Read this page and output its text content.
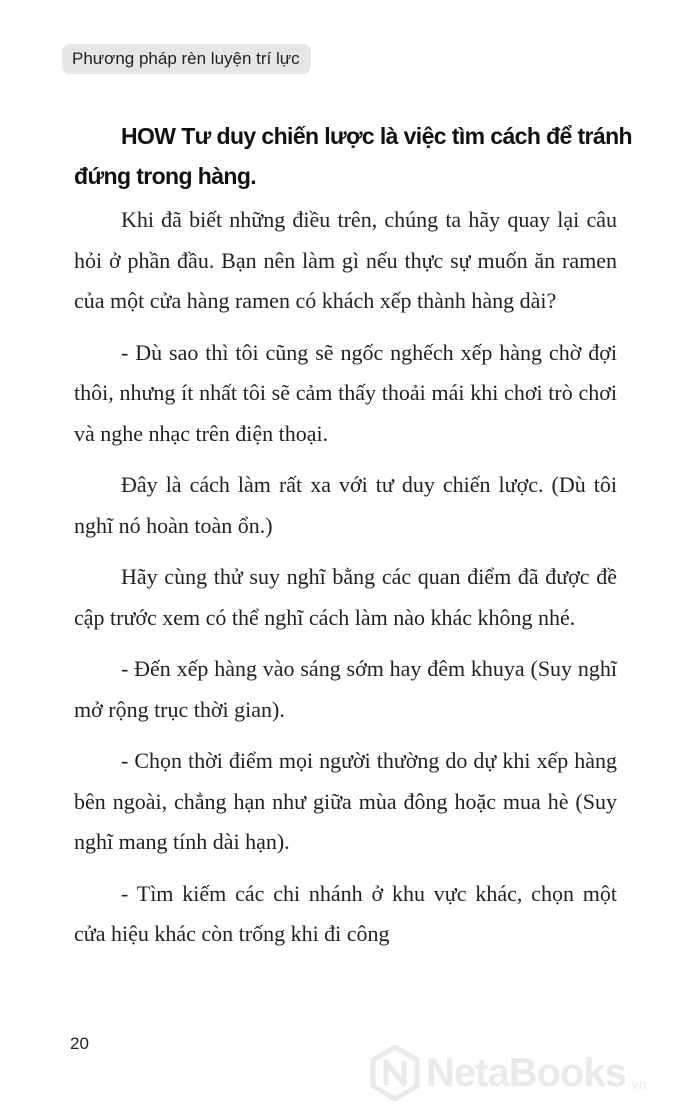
Phương pháp rèn luyện trí lực
HOW Tư duy chiến lược là việc tìm cách để tránh đứng trong hàng.

Khi đã biết những điều trên, chúng ta hãy quay lại câu hỏi ở phần đầu. Bạn nên làm gì nếu thực sự muốn ăn ramen của một cửa hàng ramen có khách xếp thành hàng dài?

- Dù sao thì tôi cũng sẽ ngốc nghếch xếp hàng chờ đợi thôi, nhưng ít nhất tôi sẽ cảm thấy thoải mái khi chơi trò chơi và nghe nhạc trên điện thoại.

Đây là cách làm rất xa với tư duy chiến lược. (Dù tôi nghĩ nó hoàn toàn ổn.)

Hãy cùng thử suy nghĩ bằng các quan điểm đã được đề cập trước xem có thể nghĩ cách làm nào khác không nhé.

- Đến xếp hàng vào sáng sớm hay đêm khuya (Suy nghĩ mở rộng trục thời gian).

- Chọn thời điểm mọi người thường do dự khi xếp hàng bên ngoài, chẳng hạn như giữa mùa đông hoặc mua hè (Suy nghĩ mang tính dài hạn).

- Tìm kiếm các chi nhánh ở khu vực khác, chọn một cửa hiệu khác còn trống khi đi công

20
NetaBooks .vn
